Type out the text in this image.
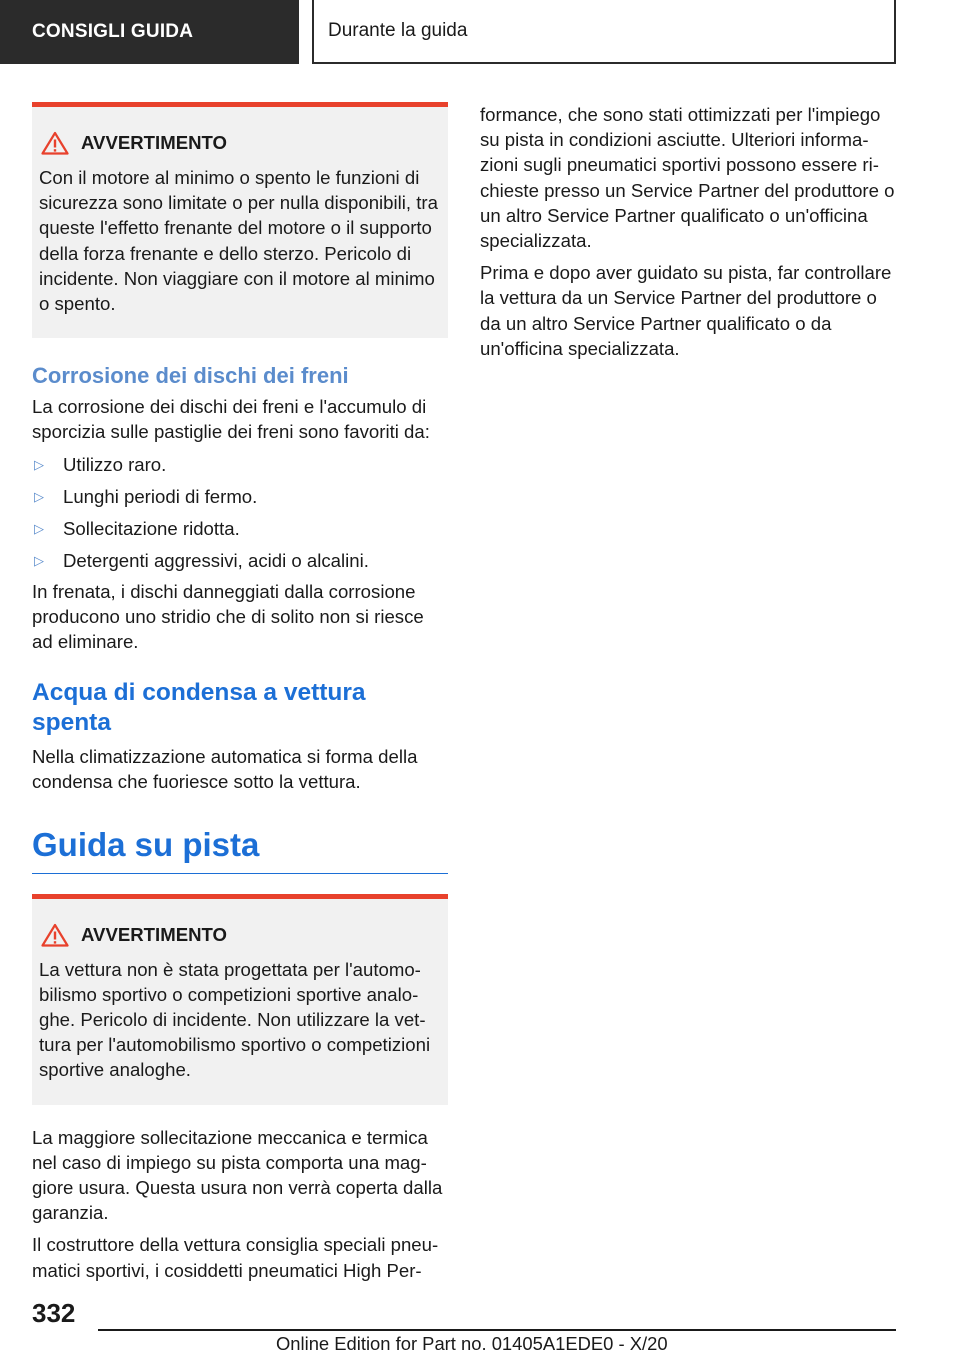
CONSIGLI GUIDA	Durante la guida
AVVERTIMENTO

Con il motore al minimo o spento le funzioni di sicurezza sono limitate o per nulla disponibili, tra queste l'effetto frenante del motore o il supporto della forza frenante e dello sterzo. Pericolo di incidente. Non viaggiare con il motore al minimo o spento.

Corrosione dei dischi dei freni

La corrosione dei dischi dei freni e l'accumulo di sporcizia sulle pastiglie dei freni sono favoriti da:

▷	Utilizzo raro.
▷	Lunghi periodi di fermo.
▷	Sollecitazione ridotta.
▷	Detergenti aggressivi, acidi o alcalini.

In frenata, i dischi danneggiati dalla corrosione producono uno stridio che di solito non si riesce ad eliminare.

Acqua di condensa a vettura spenta

Nella climatizzazione automatica si forma della condensa che fuoriesce sotto la vettura.

Guida su pista
AVVERTIMENTO

La vettura non è stata progettata per l'automobilismo sportivo o competizioni sportive analoghe. Pericolo di incidente. Non utilizzare la vettura per l'automobilismo sportivo o competizioni sportive analoghe.

La maggiore sollecitazione meccanica e termica nel caso di impiego su pista comporta una maggiore usura. Questa usura non verrà coperta dalla garanzia.

Il costruttore della vettura consiglia speciali pneumatici sportivi, i cosiddetti pneumatici High Per-

formance, che sono stati ottimizzati per l'impiego su pista in condizioni asciutte. Ulteriori informazioni sugli pneumatici sportivi possono essere richieste presso un Service Partner del produttore o un altro Service Partner qualificato o un'officina specializzata.

Prima e dopo aver guidato su pista, far controllare la vettura da un Service Partner del produttore o da un altro Service Partner qualificato o da un'officina specializzata.

332
Online Edition for Part no. 01405A1EDE0 - X/20
